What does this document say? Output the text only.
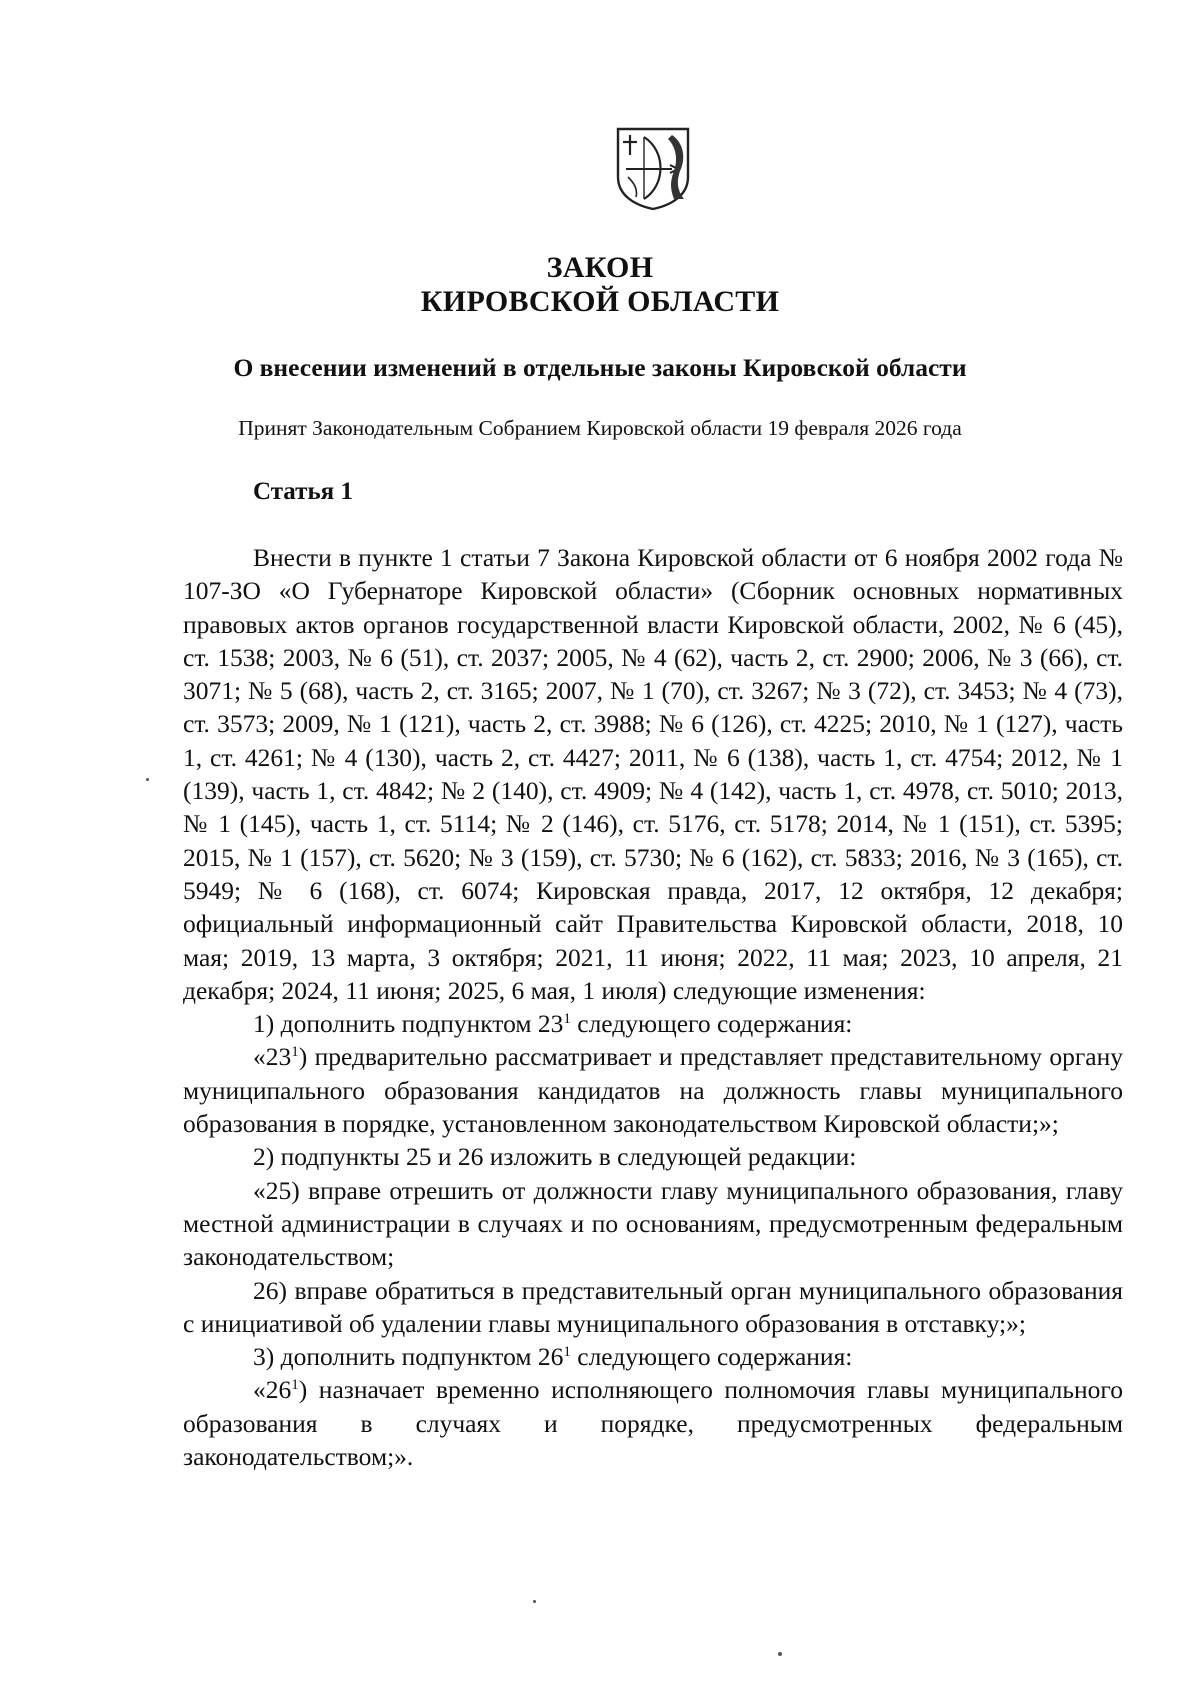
ЗАКОН
КИРОВСКОЙ ОБЛАСТИ
О внесении изменений в отдельные законы Кировской области
Принят Законодательным Собранием Кировской области 19 февраля 2026 года
Статья 1

Внести в пункте 1 статьи 7 Закона Кировской области от 6 ноября 2002 года № 107-ЗО «О Губернаторе Кировской области» (Сборник основных нормативных правовых актов органов государственной власти Кировской области, 2002, № 6 (45), ст. 1538; 2003, № 6 (51), ст. 2037; 2005, № 4 (62), часть 2, ст. 2900; 2006, № 3 (66), ст. 3071; № 5 (68), часть 2, ст. 3165; 2007, № 1 (70), ст. 3267; № 3 (72), ст. 3453; № 4 (73), ст. 3573; 2009, № 1 (121), часть 2, ст. 3988; № 6 (126), ст. 4225; 2010, № 1 (127), часть 1, ст. 4261; № 4 (130), часть 2, ст. 4427; 2011, № 6 (138), часть 1, ст. 4754; 2012, № 1 (139), часть 1, ст. 4842; № 2 (140), ст. 4909; № 4 (142), часть 1, ст. 4978, ст. 5010; 2013, № 1 (145), часть 1, ст. 5114; № 2 (146), ст. 5176, ст. 5178; 2014, № 1 (151), ст. 5395; 2015, № 1 (157), ст. 5620; № 3 (159), ст. 5730; № 6 (162), ст. 5833; 2016, № 3 (165), ст. 5949; № 6 (168), ст. 6074; Кировская правда, 2017, 12 октября, 12 декабря; официальный информационный сайт Правительства Кировской области, 2018, 10 мая; 2019, 13 марта, 3 октября; 2021, 11 июня; 2022, 11 мая; 2023, 10 апреля, 21 декабря; 2024, 11 июня; 2025, 6 мая, 1 июля) следующие изменения:

1) дополнить подпунктом $23^1$ следующего содержания:

«$23^1$) предварительно рассматривает и представляет представительному органу муниципального образования кандидатов на должность главы муниципального образования в порядке, установленном законодательством Кировской области;»;

2) подпункты 25 и 26 изложить в следующей редакции:

«25) вправе отрешить от должности главу муниципального образования, главу местной администрации в случаях и по основаниям, предусмотренным федеральным законодательством;

26) вправе обратиться в представительный орган муниципального образования с инициативой об удалении главы муниципального образования в отставку;»;

3) дополнить подпунктом $26^1$ следующего содержания:

«$26^1$) назначает временно исполняющего полномочия главы муниципального образования в случаях и порядке, предусмотренных федеральным законодательством;».
